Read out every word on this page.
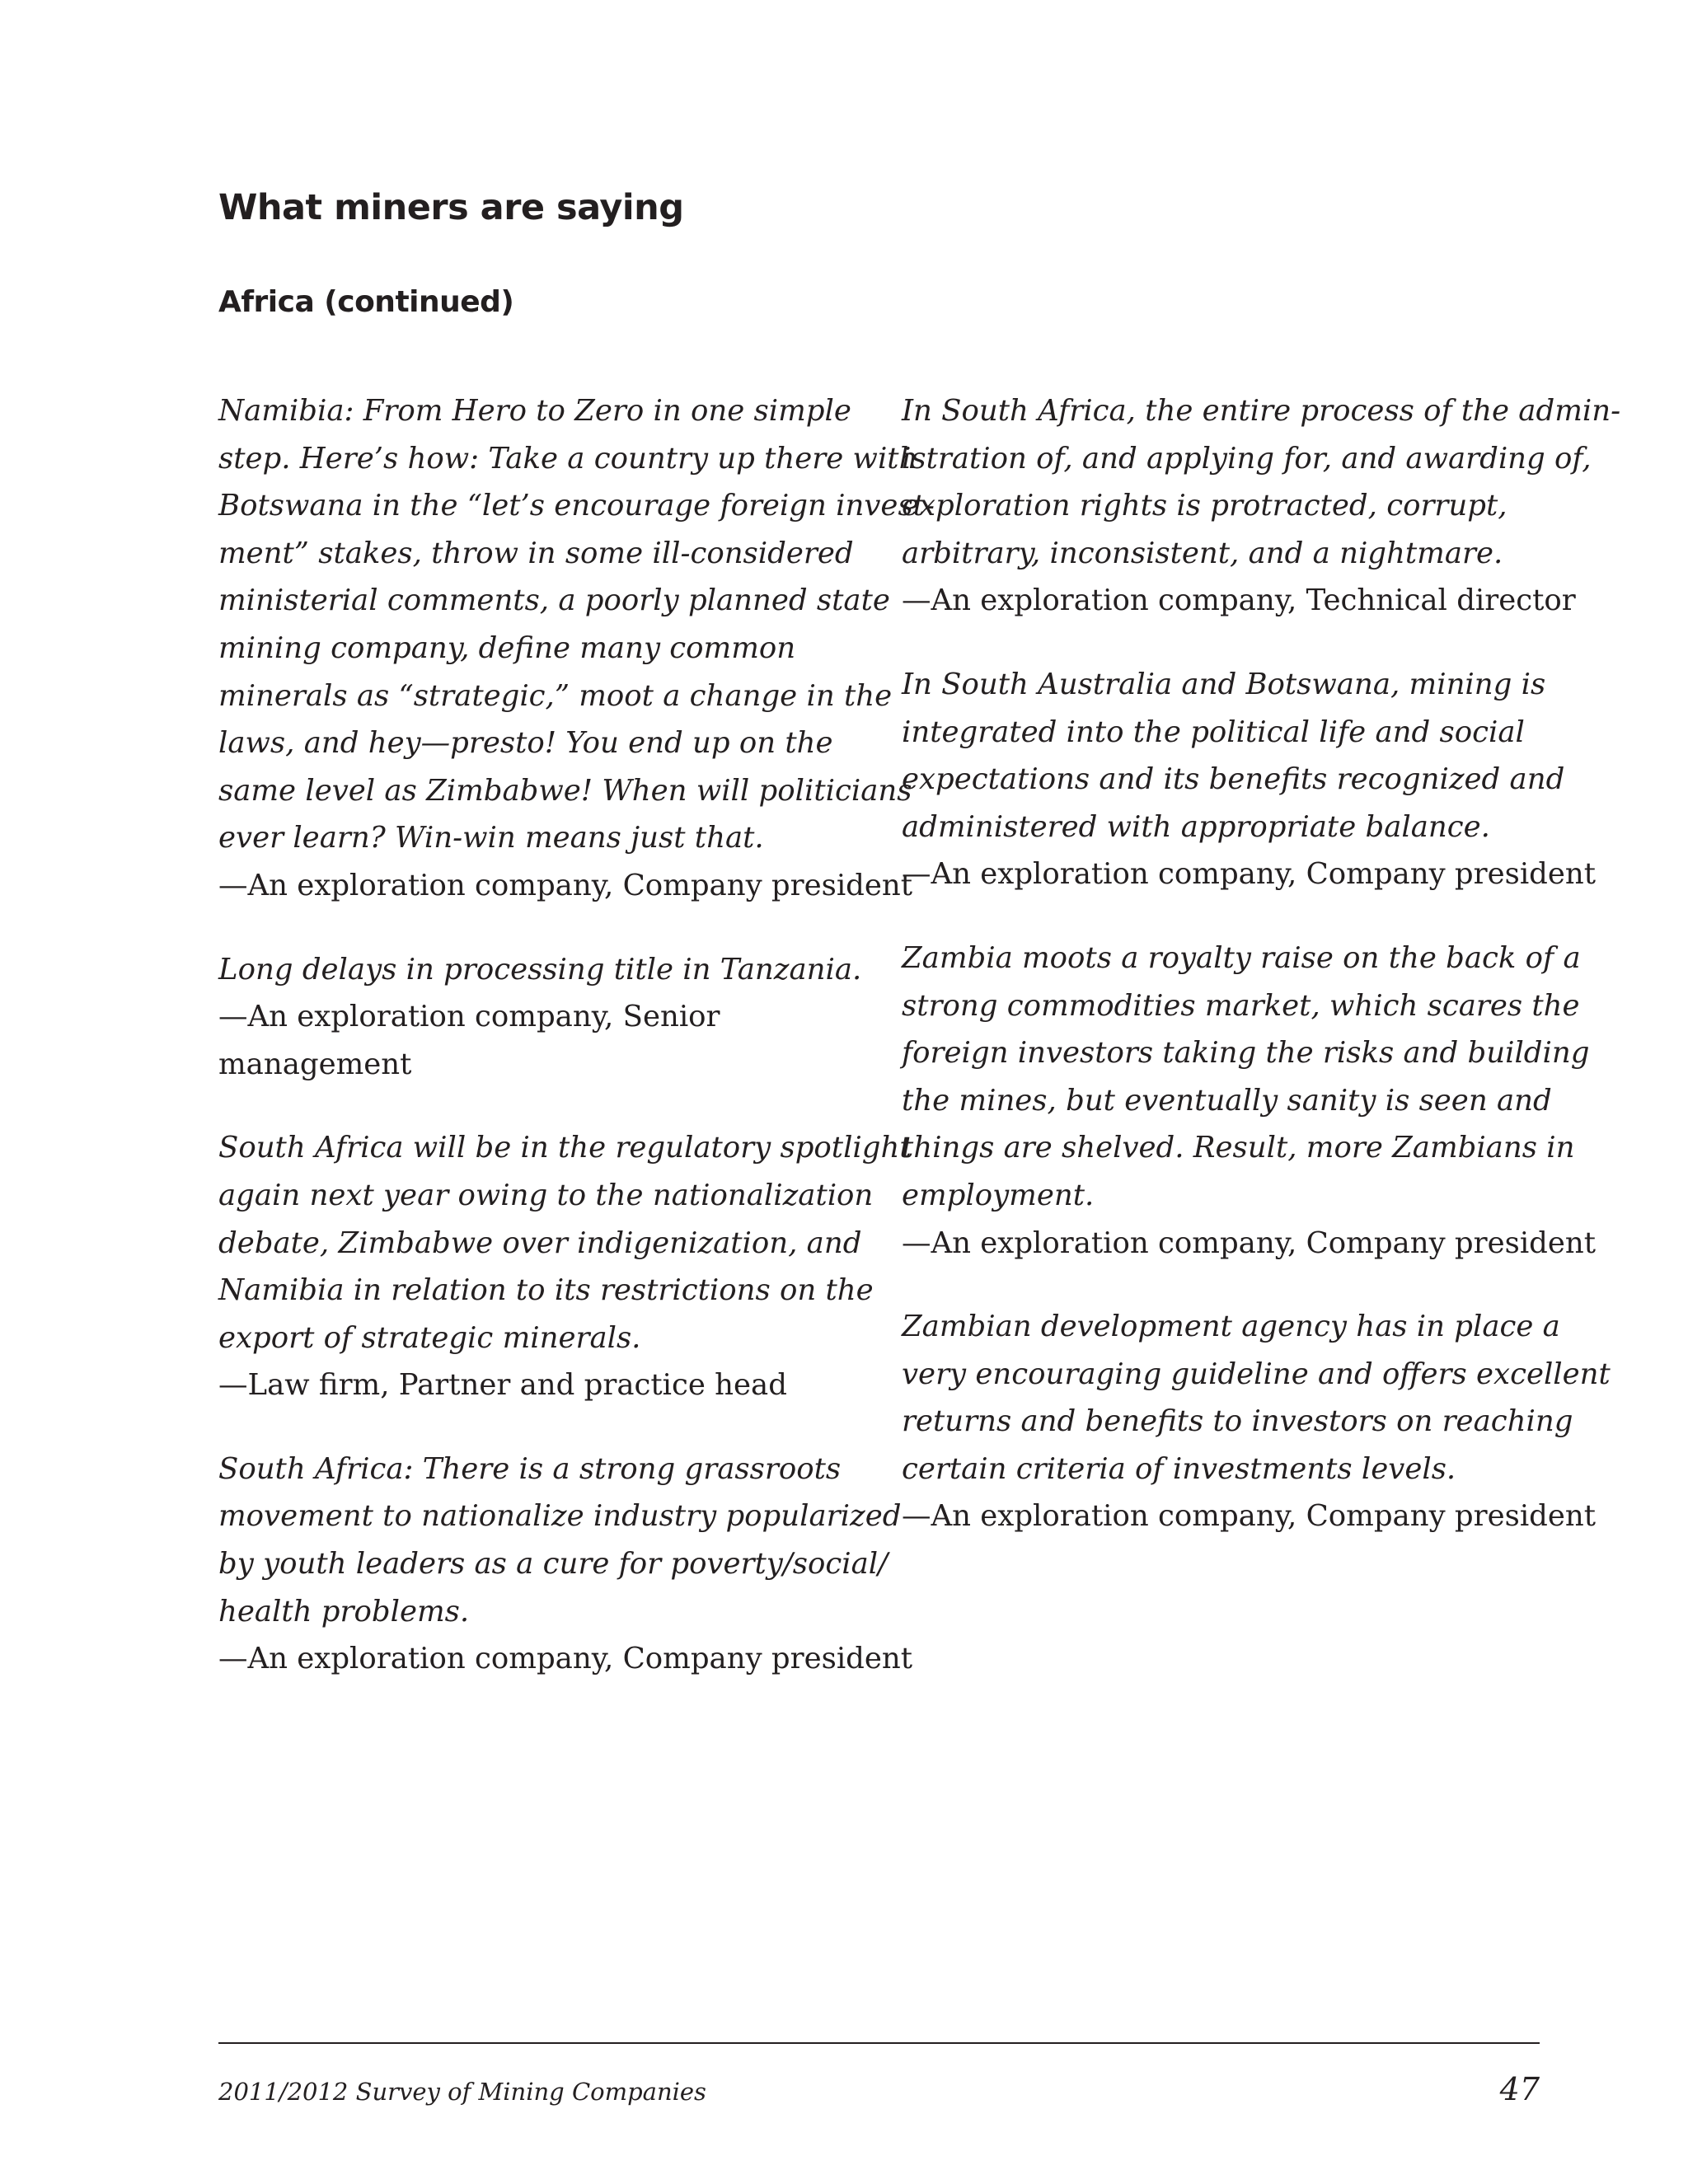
What miners are saying
Africa (continued)
Namibia: From Hero to Zero in one simple
step. Here’s how: Take a country up there with
Botswana in the “let’s encourage foreign invest-
ment” stakes, throw in some ill-considered
ministerial comments, a poorly planned state
mining company, define many common
minerals as “strategic,” moot a change in the
laws, and hey—presto! You end up on the
same level as Zimbabwe! When will politicians
ever learn? Win-win means just that.
—An exploration company, Company president
Long delays in processing title in Tanzania.
—An exploration company, Senior
management
South Africa will be in the regulatory spotlight
again next year owing to the nationalization
debate, Zimbabwe over indigenization, and
Namibia in relation to its restrictions on the
export of strategic minerals.
—Law firm, Partner and practice head
South Africa: There is a strong grassroots
movement to nationalize industry popularized
by youth leaders as a cure for poverty/social/
health problems.
—An exploration company, Company president
In South Africa, the entire process of the admin-
istration of, and applying for, and awarding of,
exploration rights is protracted, corrupt,
arbitrary, inconsistent, and a nightmare.
—An exploration company, Technical director
In South Australia and Botswana, mining is
integrated into the political life and social
expectations and its benefits recognized and
administered with appropriate balance.
—An exploration company, Company president
Zambia moots a royalty raise on the back of a
strong commodities market, which scares the
foreign investors taking the risks and building
the mines, but eventually sanity is seen and
things are shelved. Result, more Zambians in
employment.
—An exploration company, Company president
Zambian development agency has in place a
very encouraging guideline and offers excellent
returns and benefits to investors on reaching
certain criteria of investments levels.
—An exploration company, Company president
2011/2012 Survey of Mining Companies	47
